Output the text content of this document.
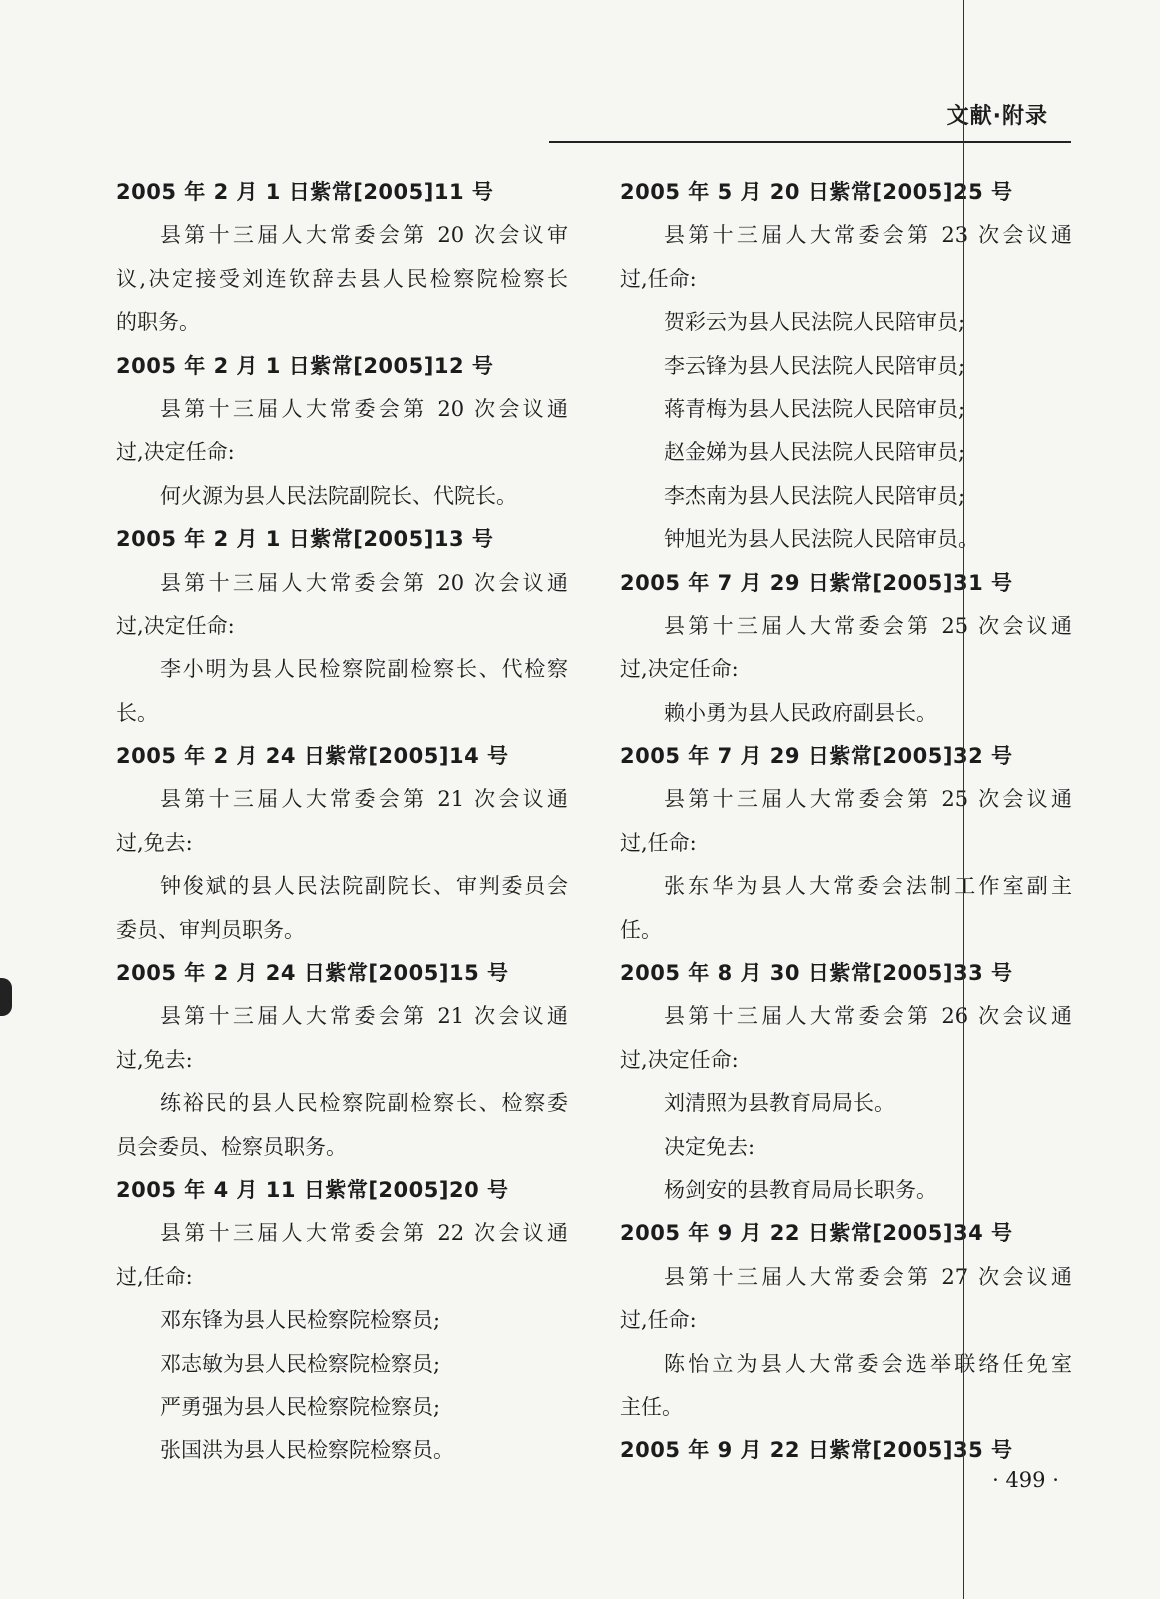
文献·附录
2005 年 2 月 1 日紫常[2005]11 号
县第十三届人大常委会第 20 次会议审
议,决定接受刘连钦辞去县人民检察院检察长
的职务。
2005 年 2 月 1 日紫常[2005]12 号
县第十三届人大常委会第 20 次会议通
过,决定任命:
何火源为县人民法院副院长、代院长。
2005 年 2 月 1 日紫常[2005]13 号
县第十三届人大常委会第 20 次会议通
过,决定任命:
李小明为县人民检察院副检察长、代检察
长。
2005 年 2 月 24 日紫常[2005]14 号
县第十三届人大常委会第 21 次会议通
过,免去:
钟俊斌的县人民法院副院长、审判委员会
委员、审判员职务。
2005 年 2 月 24 日紫常[2005]15 号
县第十三届人大常委会第 21 次会议通
过,免去:
练裕民的县人民检察院副检察长、检察委
员会委员、检察员职务。
2005 年 4 月 11 日紫常[2005]20 号
县第十三届人大常委会第 22 次会议通
过,任命:
邓东锋为县人民检察院检察员;
邓志敏为县人民检察院检察员;
严勇强为县人民检察院检察员;
张国洪为县人民检察院检察员。
2005 年 5 月 20 日紫常[2005]25 号
县第十三届人大常委会第 23 次会议通
过,任命:
贺彩云为县人民法院人民陪审员;
李云锋为县人民法院人民陪审员;
蒋青梅为县人民法院人民陪审员;
赵金娣为县人民法院人民陪审员;
李杰南为县人民法院人民陪审员;
钟旭光为县人民法院人民陪审员。
2005 年 7 月 29 日紫常[2005]31 号
县第十三届人大常委会第 25 次会议通
过,决定任命:
赖小勇为县人民政府副县长。
2005 年 7 月 29 日紫常[2005]32 号
县第十三届人大常委会第 25 次会议通
过,任命:
张东华为县人大常委会法制工作室副主
任。
2005 年 8 月 30 日紫常[2005]33 号
县第十三届人大常委会第 26 次会议通
过,决定任命:
刘清照为县教育局局长。
决定免去:
杨剑安的县教育局局长职务。
2005 年 9 月 22 日紫常[2005]34 号
县第十三届人大常委会第 27 次会议通
过,任命:
陈怡立为县人大常委会选举联络任免室
主任。
2005 年 9 月 22 日紫常[2005]35 号
· 499 ·
